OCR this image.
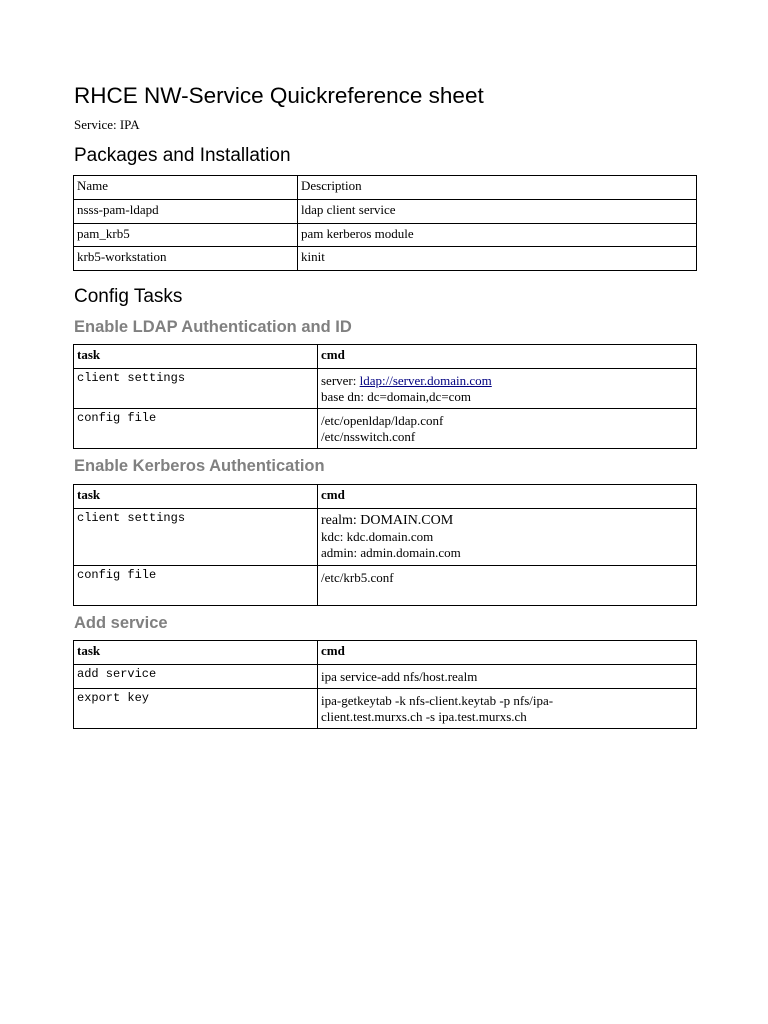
RHCE NW-Service Quickreference sheet

Service: IPA

Packages and Installation
Name	Description
nsss-pam-ldapd	ldap client service
pam_krb5	pam kerberos module
krb5-workstation	kinit
Config Tasks
Enable LDAP Authentication and ID
task	cmd
client settings	server: ldap://server.domain.com
base dn: dc=domain,dc=com

config file	/etc/openldap/ldap.conf
/etc/nsswitch.conf
Enable Kerberos Authentication
task	cmd
client settings	realm: DOMAIN.COM
kdc: kdc.domain.com
admin: admin.domain.com

config file	/etc/krb5.conf
Add service
task	cmd
add service	ipa service-add nfs/host.realm

export key	ipa-getkeytab -k nfs-client.keytab -p nfs/ipa-
client.test.murxs.ch -s ipa.test.murxs.ch
